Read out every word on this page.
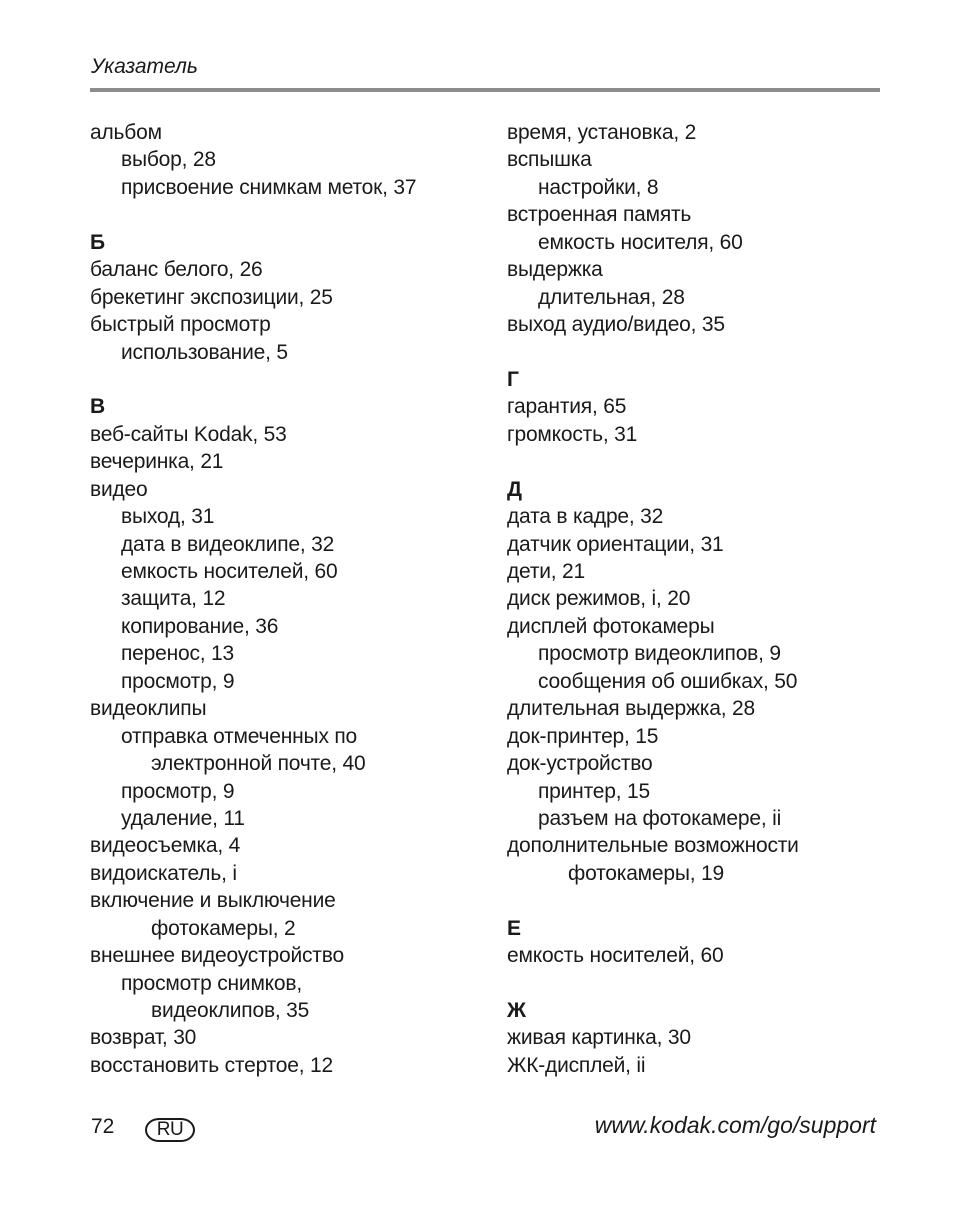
Указатель
альбом
выбор, 28
присвоение снимкам меток, 37
Б
баланс белого, 26
брекетинг экспозиции, 25
быстрый просмотр
использование, 5
В
веб-сайты Kodak, 53
вечеринка, 21
видео
выход, 31
дата в видеоклипе, 32
емкость носителей, 60
защита, 12
копирование, 36
перенос, 13
просмотр, 9
видеоклипы
отправка отмеченных по
электронной почте, 40
просмотр, 9
удаление, 11
видеосъемка, 4
видоискатель, i
включение и выключение
фотокамеры, 2
внешнее видеоустройство
просмотр снимков,
видеоклипов, 35
возврат, 30
восстановить стертое, 12
время, установка, 2
вспышка
настройки, 8
встроенная память
емкость носителя, 60
выдержка
длительная, 28
выход аудио/видео, 35
Г
гарантия, 65
громкость, 31
Д
дата в кадре, 32
датчик ориентации, 31
дети, 21
диск режимов, i, 20
дисплей фотокамеры
просмотр видеоклипов, 9
сообщения об ошибках, 50
длительная выдержка, 28
док-принтер, 15
док-устройство
принтер, 15
разъем на фотокамере, ii
дополнительные возможности
фотокамеры, 19
Е
емкость носителей, 60
Ж
живая картинка, 30
ЖК-дисплей, ii
72	RU	www.kodak.com/go/support
